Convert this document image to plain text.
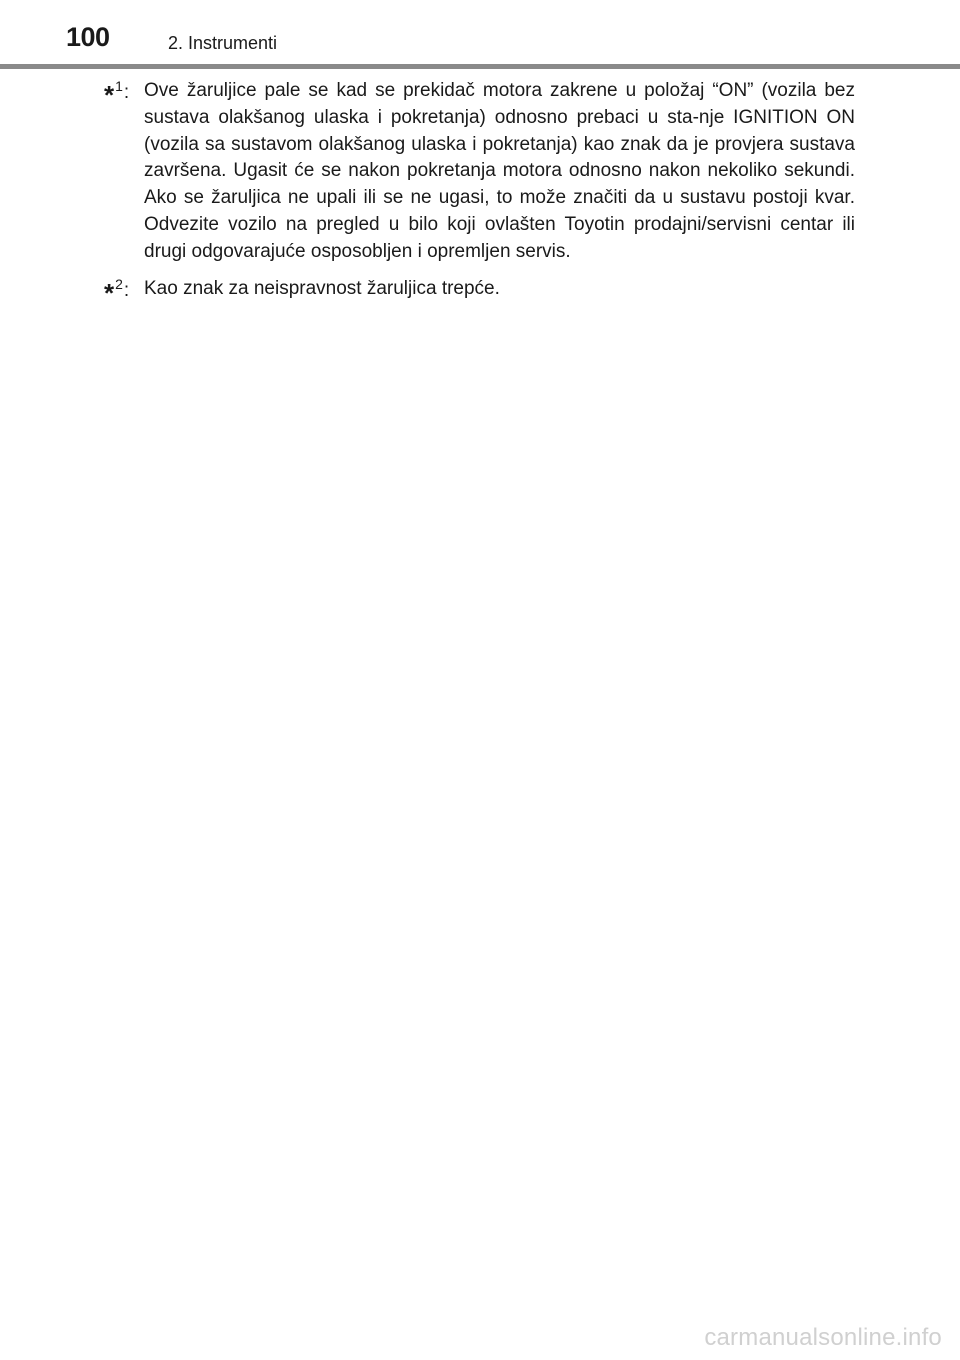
100	2. Instrumenti
*$^1$: Ove žaruljice pale se kad se prekidač motora zakrene u položaj “ON” (vozila bez sustava olakšanog ulaska i pokretanja) odnosno prebaci u sta-nje IGNITION ON (vozila sa sustavom olakšanog ulaska i pokretanja) kao znak da je provjera sustava završena. Ugasit će se nakon pokretanja motora odnosno nakon nekoliko sekundi. Ako se žaruljica ne upali ili se ne ugasi, to može značiti da u sustavu postoji kvar. Odvezite vozilo na pregled u bilo koji ovlašten Toyotin prodajni/servisni centar ili drugi odgovarajuće osposobljen i opremljen servis.
*$^2$: Kao znak za neispravnost žaruljica trepće.
carmanualsonline.info
